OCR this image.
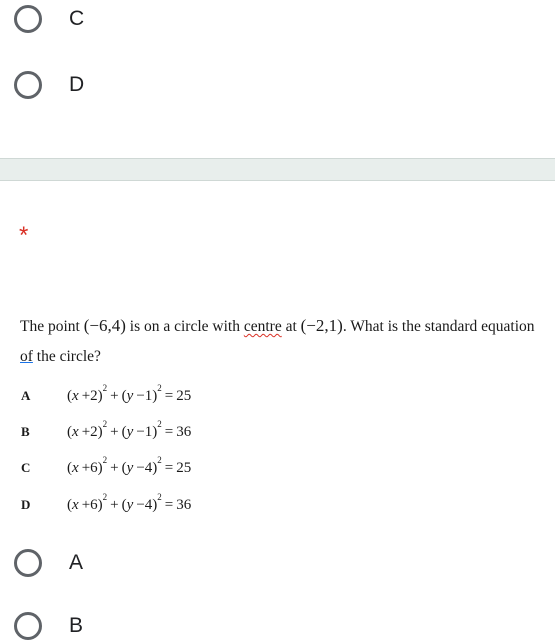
C
D
*
The point (−6,4) is on a circle with centre at (−2,1). What is the standard equation of the circle?
A	$(x +2)^2 + (y -1)^2 = 25$
B	$(x +2)^2 + (y -1)^2 = 36$
C	$(x +6)^2 + (y -4)^2 = 25$
D	$(x +6)^2 + (y -4)^2 = 36$
A
B
